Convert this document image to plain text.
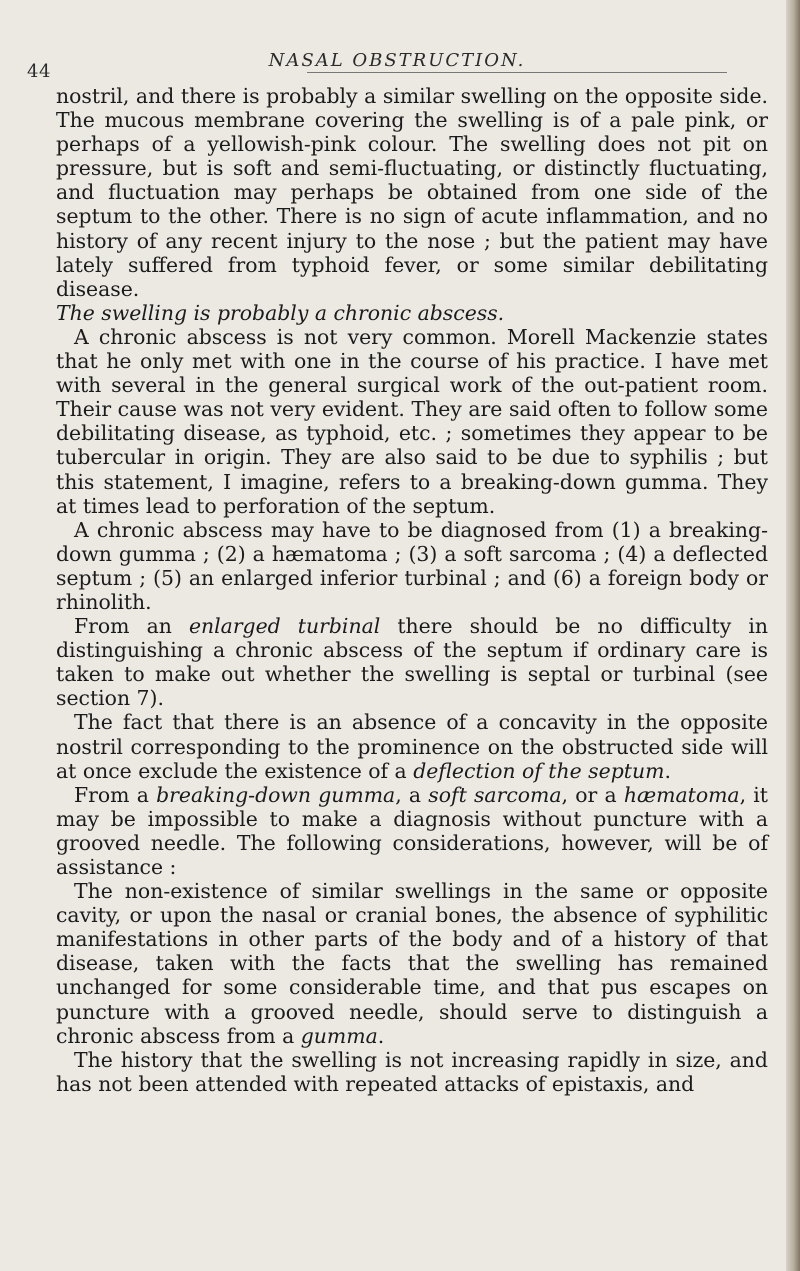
44
NASAL OBSTRUCTION.

nostril, and there is probably a similar swelling on the opposite side. The mucous membrane covering the swelling is of a pale pink, or perhaps of a yellowish-pink colour. The swelling does not pit on pressure, but is soft and semi-fluctuating, or distinctly fluctuating, and fluctuation may perhaps be obtained from one side of the septum to the other. There is no sign of acute inflammation, and no history of any recent injury to the nose ; but the patient may have lately suffered from typhoid fever, or some similar debilitating disease.

The swelling is probably a chronic abscess.

A chronic abscess is not very common. Morell Mackenzie states that he only met with one in the course of his practice. I have met with several in the general surgical work of the out-patient room. Their cause was not very evident. They are said often to follow some debilitating disease, as typhoid, etc. ; sometimes they appear to be tubercular in origin. They are also said to be due to syphilis ; but this statement, I imagine, refers to a breaking-down gumma. They at times lead to perforation of the septum.

A chronic abscess may have to be diagnosed from (1) a breaking-down gumma ; (2) a hæmatoma ; (3) a soft sarcoma ; (4) a deflected septum ; (5) an enlarged inferior turbinal ; and (6) a foreign body or rhinolith.

From an enlarged turbinal there should be no difficulty in distinguishing a chronic abscess of the septum if ordinary care is taken to make out whether the swelling is septal or turbinal (see section 7).

The fact that there is an absence of a concavity in the opposite nostril corresponding to the prominence on the obstructed side will at once exclude the existence of a deflection of the septum.

From a breaking-down gumma, a soft sarcoma, or a hæmatoma, it may be impossible to make a diagnosis without puncture with a grooved needle. The following considerations, however, will be of assistance :

The non-existence of similar swellings in the same or opposite cavity, or upon the nasal or cranial bones, the absence of syphilitic manifestations in other parts of the body and of a history of that disease, taken with the facts that the swelling has remained unchanged for some considerable time, and that pus escapes on puncture with a grooved needle, should serve to distinguish a chronic abscess from a gumma.

The history that the swelling is not increasing rapidly in size, and has not been attended with repeated attacks of epistaxis, and
